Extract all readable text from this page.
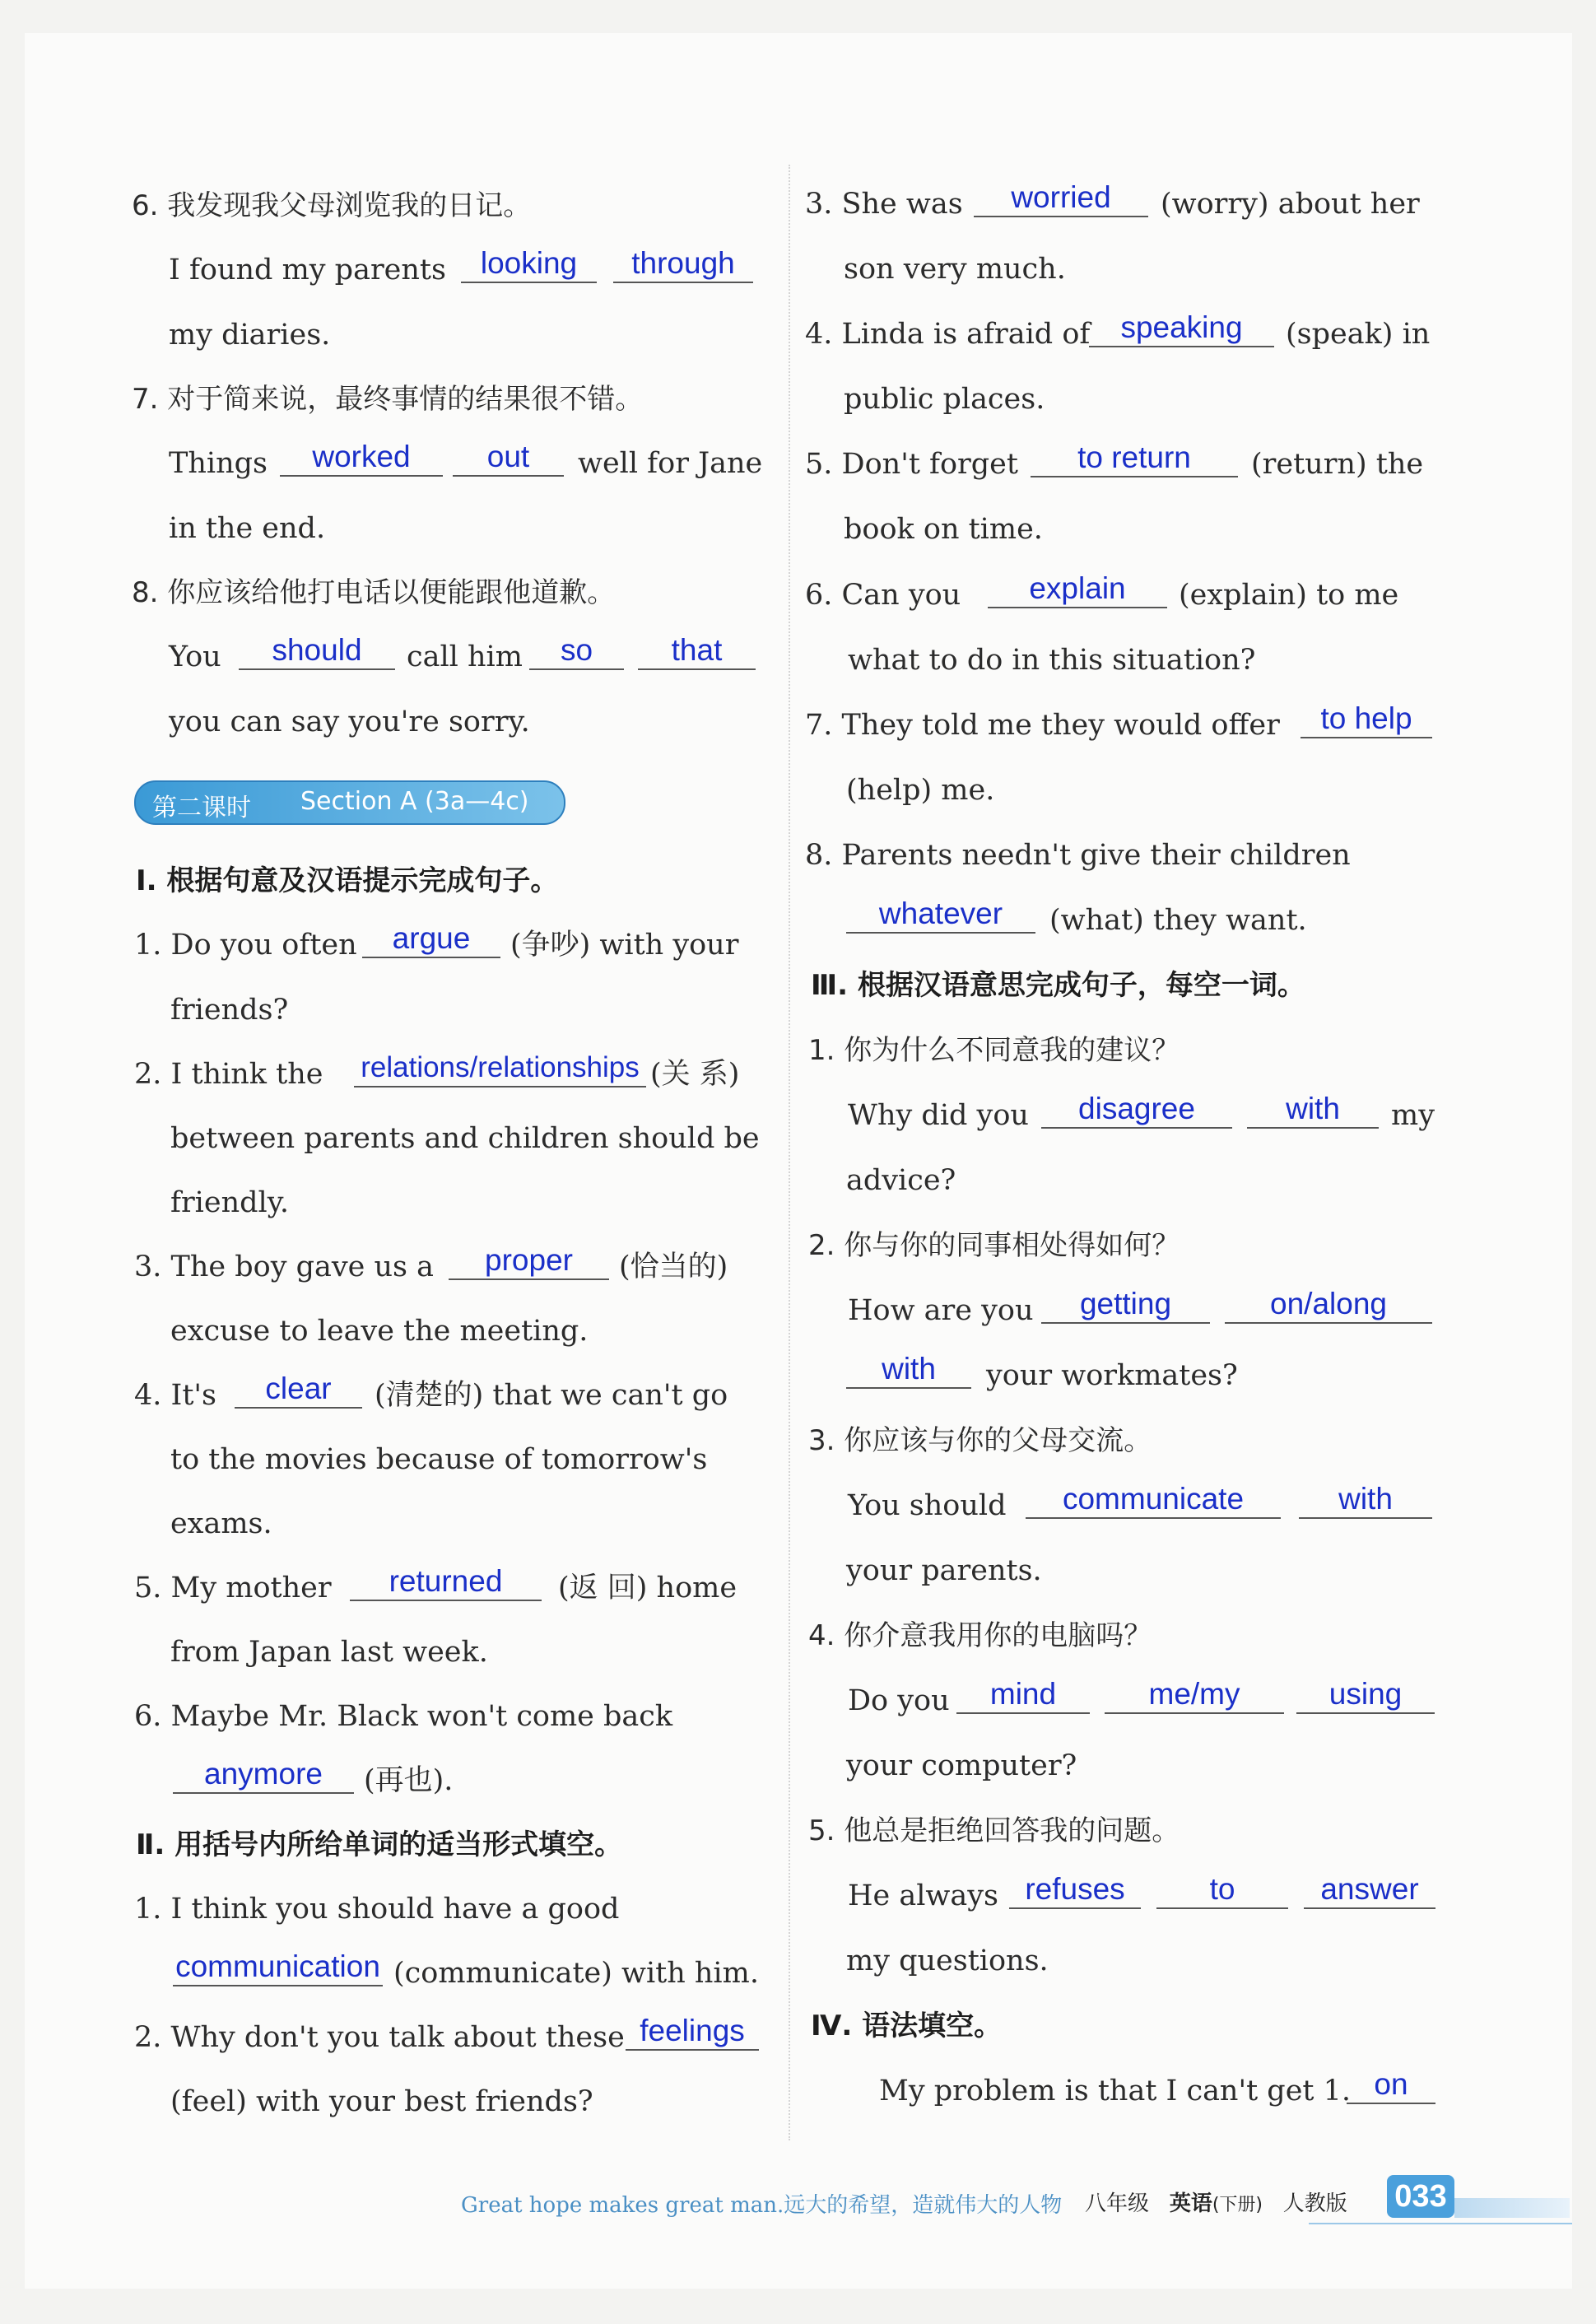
6. 我发现我父母浏览我的日记。
I found my parents	looking	through
my diaries.
7. 对于简来说，最终事情的结果很不错。
Things	worked	out	well for Jane
in the end.
8. 你应该给他打电话以便能跟他道歉。
You	should	call him	so	that
you can say you're sorry.
第二课时 Section A (3a—4c)
Ⅰ. 根据句意及汉语提示完成句子。
1. Do you often	argue	(争吵) with your
friends?
2. I think the relations/relationships (关 系)
between parents and children should be
friendly.
3. The boy gave us a	proper	(恰当的)
excuse to leave the meeting.
4. It's	clear	(清楚的) that we can't go
to the movies because of tomorrow's
exams.
5. My mother	returned	(返 回) home
from Japan last week.
6. Maybe Mr. Black won't come back
anymore	(再也).
Ⅱ. 用括号内所给单词的适当形式填空。
1. I think you should have a good
communication (communicate) with him.
2. Why don't you talk about these feelings
(feel) with your best friends?
3. She was	worried	(worry) about her
son very much.
4. Linda is afraid of	speaking	(speak) in
public places.
5. Don't forget	to return	(return) the
book on time.
6. Can you	explain	(explain) to me
what to do in this situation?
7. They told me they would offer	to help
(help) me.
8. Parents needn't give their children
whatever	(what) they want.
Ⅲ. 根据汉语意思完成句子，每空一词。
1. 你为什么不同意我的建议？
Why did you	disagree	with	my
advice?
2. 你与你的同事相处得如何？
How are you	getting	on/along
with	your workmates?
3. 你应该与你的父母交流。
You should	communicate	with
your parents.
4. 你介意我用你的电脑吗？
Do you	mind	me/my	using
your computer?
5. 他总是拒绝回答我的问题。
He always refuses	to	answer
my questions.
Ⅳ. 语法填空。
My problem is that I can't get 1. on
Great hope makes great man.远大的希望，造就伟大的人物 八年级 英语(下册) 人教版 033
